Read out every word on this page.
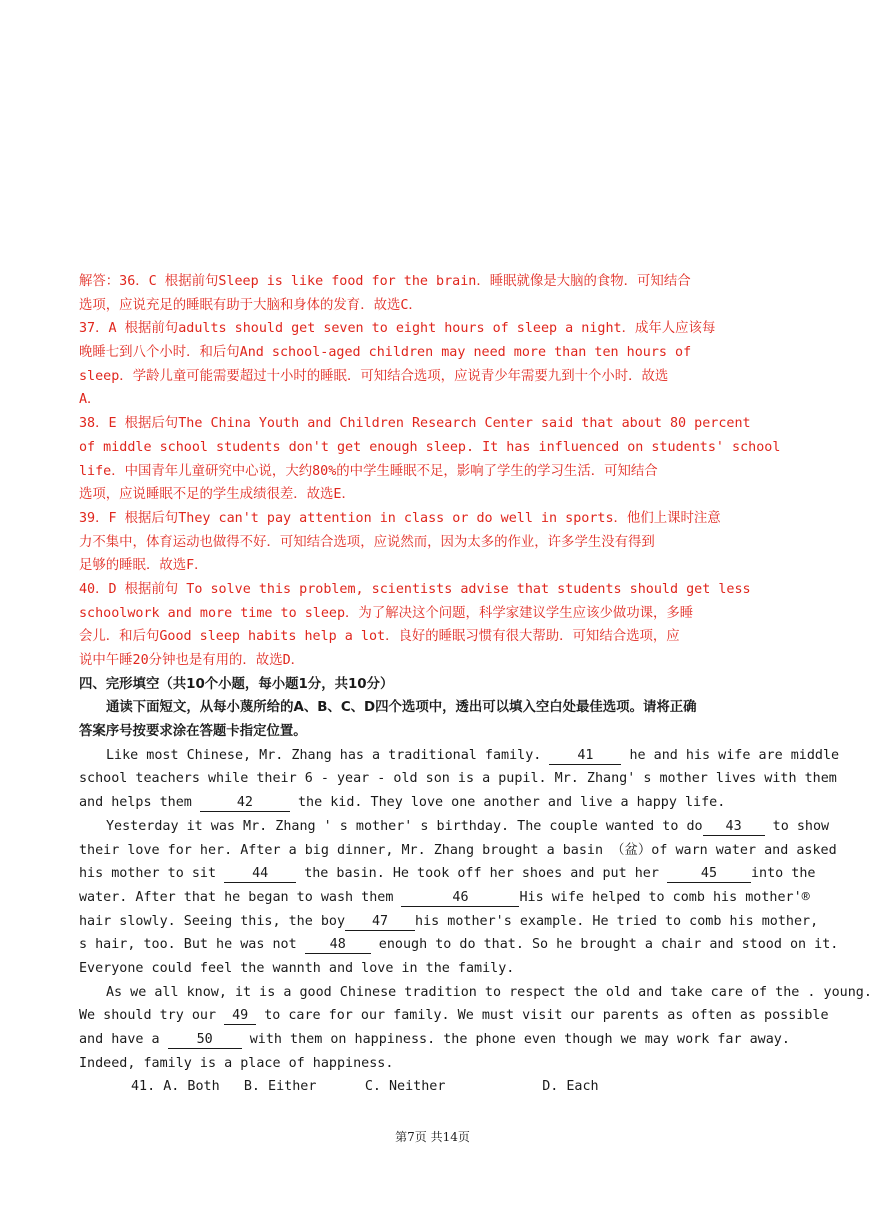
解答：36．C 根据前句Sleep is like food for the brain．睡眠就像是大脑的食物．可知结合
选项，应说充足的睡眠有助于大脑和身体的发育．故选C．
37．A 根据前句adults should get seven to eight hours of sleep a night．成年人应该每
晚睡七到八个小时．和后句And school-aged children may need more than ten hours of
sleep．学龄儿童可能需要超过十小时的睡眠．可知结合选项，应说青少年需要九到十个小时．故选
A．
38．E 根据后句The China Youth and Children Research Center said that about 80 percent
of middle school students don't get enough sleep. It has influenced on students' school
life．中国青年儿童研究中心说，大约80%的中学生睡眠不足，影响了学生的学习生活．可知结合
选项，应说睡眠不足的学生成绩很差．故选E．
39．F 根据后句They can't pay attention in class or do well in sports．他们上课时注意
力不集中，体育运动也做得不好．可知结合选项，应说然而，因为太多的作业，许多学生没有得到
足够的睡眠．故选F．
40．D 根据前句 To solve this problem, scientists advise that students should get less
schoolwork and more time to sleep．为了解决这个问题，科学家建议学生应该少做功课，多睡
会儿．和后句Good sleep habits help a lot．良好的睡眠习惯有很大帮助．可知结合选项，应
说中午睡20分钟也是有用的．故选D．
四、完形填空（共10个小题，每小题1分，共10分）
通读下面短文，从每小蔑所给的A、B、C、D四个选项中，透出可以填入空白处最佳选项。请将正确
答案序号按要求涂在答题卡指定位置。
Like most Chinese, Mr. Zhang has a traditional family.	41	he and his wife are middle
school teachers while their 6 - year - old son is a pupil. Mr. Zhang' s mother lives with them
and helps them	42	the kid. They love one another and live a happy life.
Yesterday it was Mr. Zhang ' s mother' s birthday. The couple wanted to do 43 to show
their love for her. After a big dinner, Mr. Zhang brought a basin （盆）of warn water and asked
his mother to sit	44	the basin. He took off her shoes and put her	45	into the
water. After that he began to wash them	46	His wife helped to comb his mother'®
hair slowly. Seeing this, the boy 47 his mother's example. He tried to comb his mother,
s hair, too. But he was not 48 enough to do that. So he brought a chair and stood on it.
Everyone could feel the wannth and love in the family.
As we all know, it is a good Chinese tradition to respect the old and take care of the . young.
We should try our 49 to care for our family. We must visit our parents as often as possible
and have a	50	with them on happiness. the phone even though we may work far away.
Indeed, family is a place of happiness.
41. A. Both B. Either	C. Neither	D. Each
第7页 共14页
